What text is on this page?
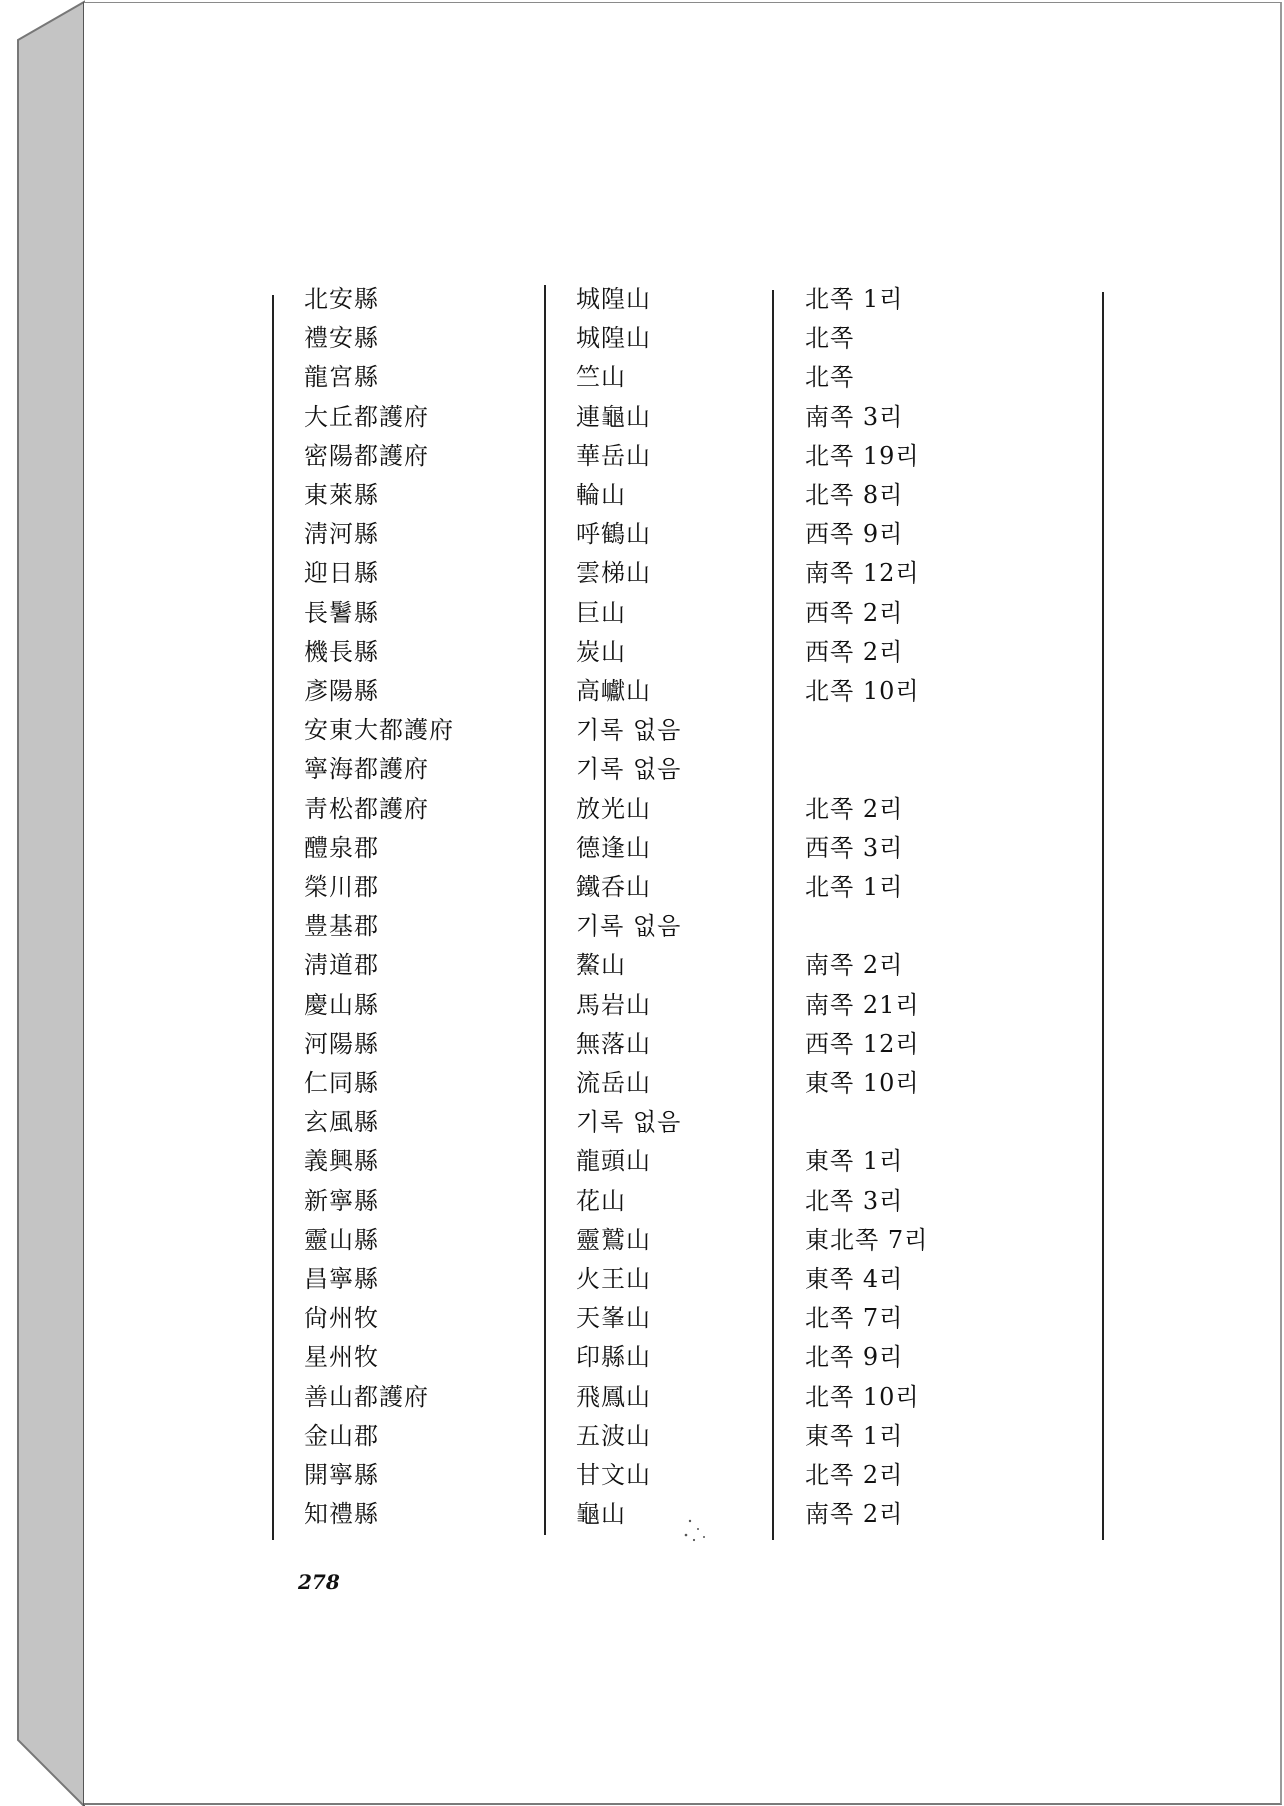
北安縣	城隍山	北쪽 1리
禮安縣	城隍山	北쪽
龍宮縣	竺山	北쪽
大丘都護府	連龜山	南쪽 3리
密陽都護府	華岳山	北쪽 19리
東萊縣	輪山	北쪽 8리
淸河縣	呼鶴山	西쪽 9리
迎日縣	雲梯山	南쪽 12리
長鬐縣	巨山	西쪽 2리
機長縣	炭山	西쪽 2리
彥陽縣	高巘山	北쪽 10리
安東大都護府	기록 없음
寧海都護府	기록 없음
靑松都護府	放光山	北쪽 2리
醴泉郡	德逢山	西쪽 3리
榮川郡	鐵呑山	北쪽 1리
豊基郡	기록 없음
淸道郡	鰲山	南쪽 2리
慶山縣	馬岩山	南쪽 21리
河陽縣	無落山	西쪽 12리
仁同縣	流岳山	東쪽 10리
玄風縣	기록 없음
義興縣	龍頭山	東쪽 1리
新寧縣	花山	北쪽 3리
靈山縣	靈鷲山	東北쪽 7리
昌寧縣	火王山	東쪽 4리
尙州牧	天峯山	北쪽 7리
星州牧	印縣山	北쪽 9리
善山都護府	飛鳳山	北쪽 10리
金山郡	五波山	東쪽 1리
開寧縣	甘文山	北쪽 2리
知禮縣	龜山	南쪽 2리
278
